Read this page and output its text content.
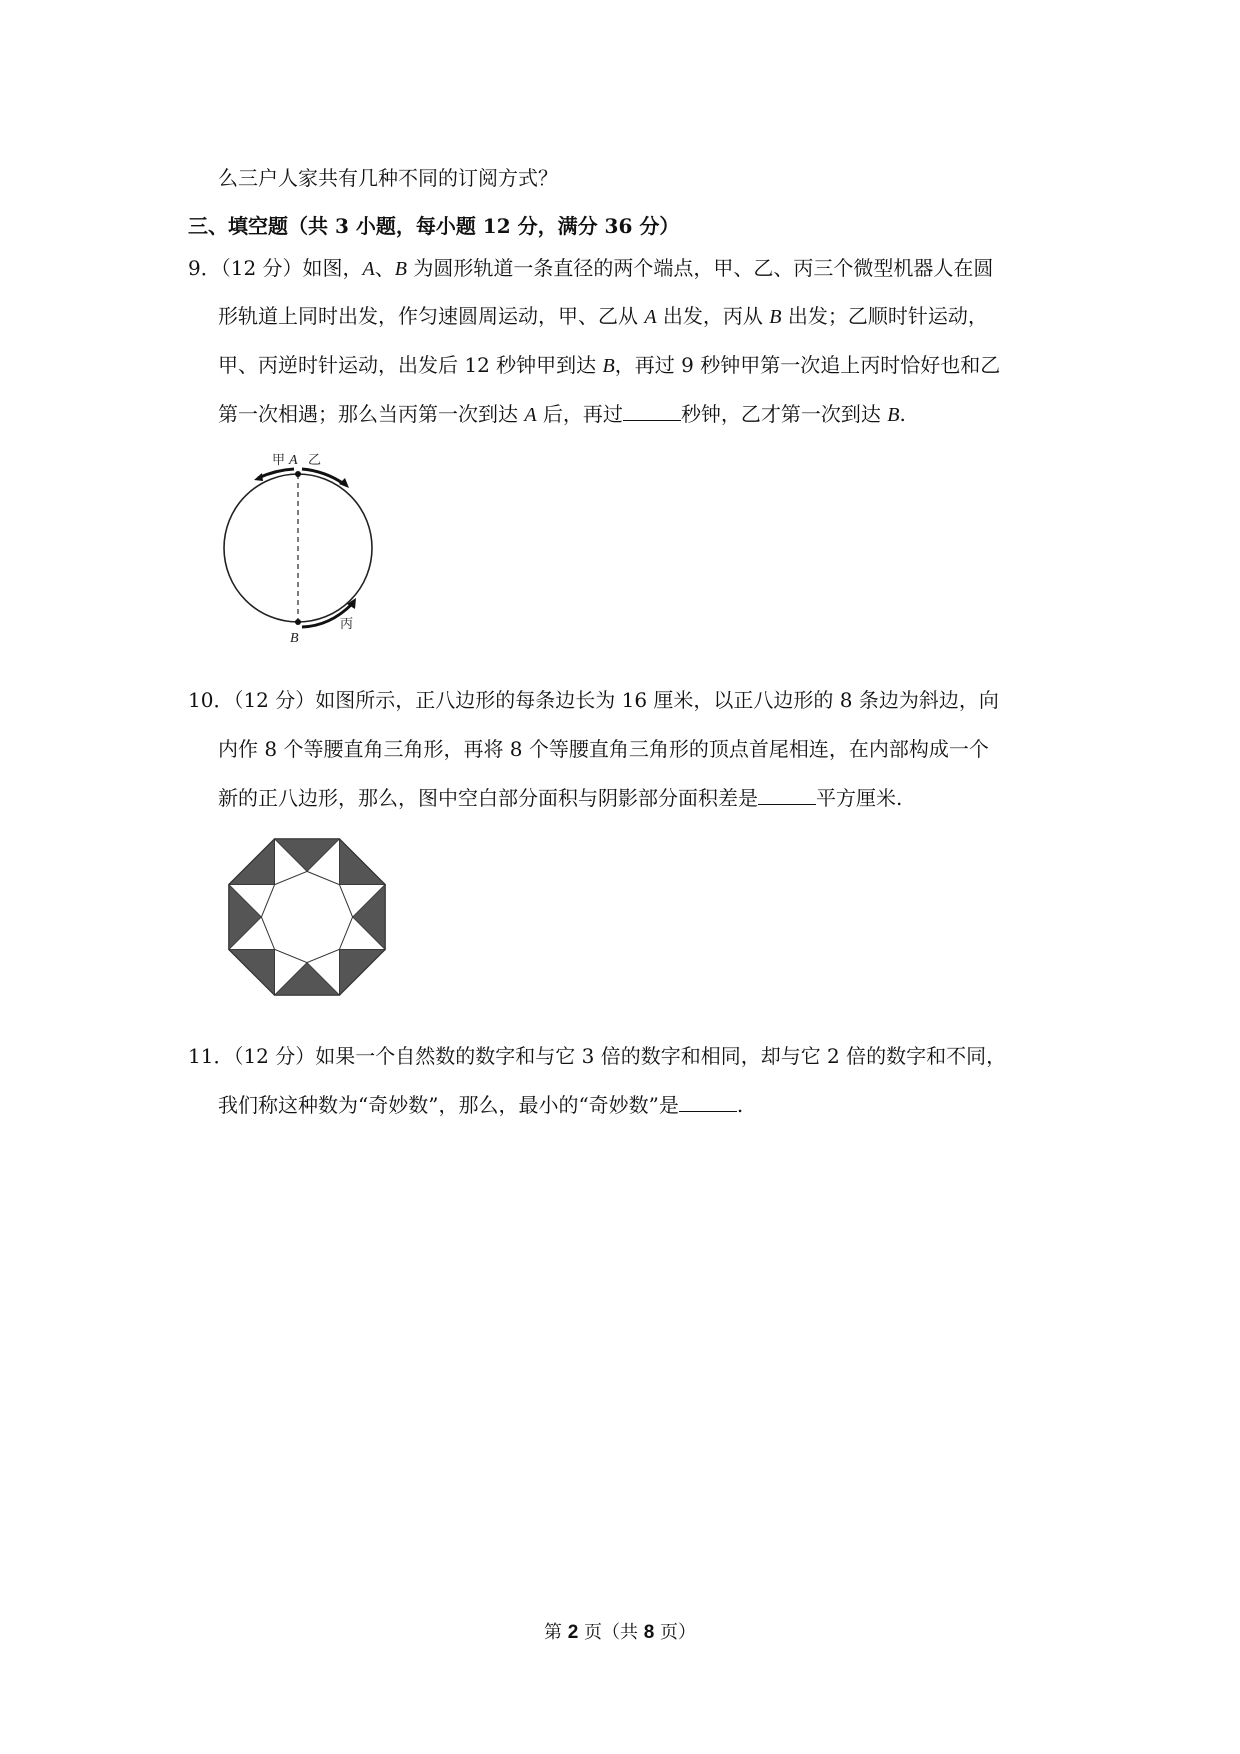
么三户人家共有几种不同的订阅方式？
三、填空题（共 3 小题，每小题 12 分，满分 36 分）
9．（12 分）如图，A、B 为圆形轨道一条直径的两个端点，甲、乙、丙三个微型机器人在圆
形轨道上同时出发，作匀速圆周运动，甲、乙从 A 出发，丙从 B 出发；乙顺时针运动，
甲、丙逆时针运动，出发后 12 秒钟甲到达 B，再过 9 秒钟甲第一次追上丙时恰好也和乙
第一次相遇；那么当丙第一次到达 A 后，再过	秒钟，乙才第一次到达 B.
甲 A 乙
B
丙
10．（12 分）如图所示，正八边形的每条边长为 16 厘米，以正八边形的 8 条边为斜边，向
内作 8 个等腰直角三角形，再将 8 个等腰直角三角形的顶点首尾相连，在内部构成一个
新的正八边形，那么，图中空白部分面积与阴影部分面积差是	平方厘米.
11．（12 分）如果一个自然数的数字和与它 3 倍的数字和相同，却与它 2 倍的数字和不同，
我们称这种数为“奇妙数”，那么，最小的“奇妙数”是	.
第 2 页（共 8 页）
